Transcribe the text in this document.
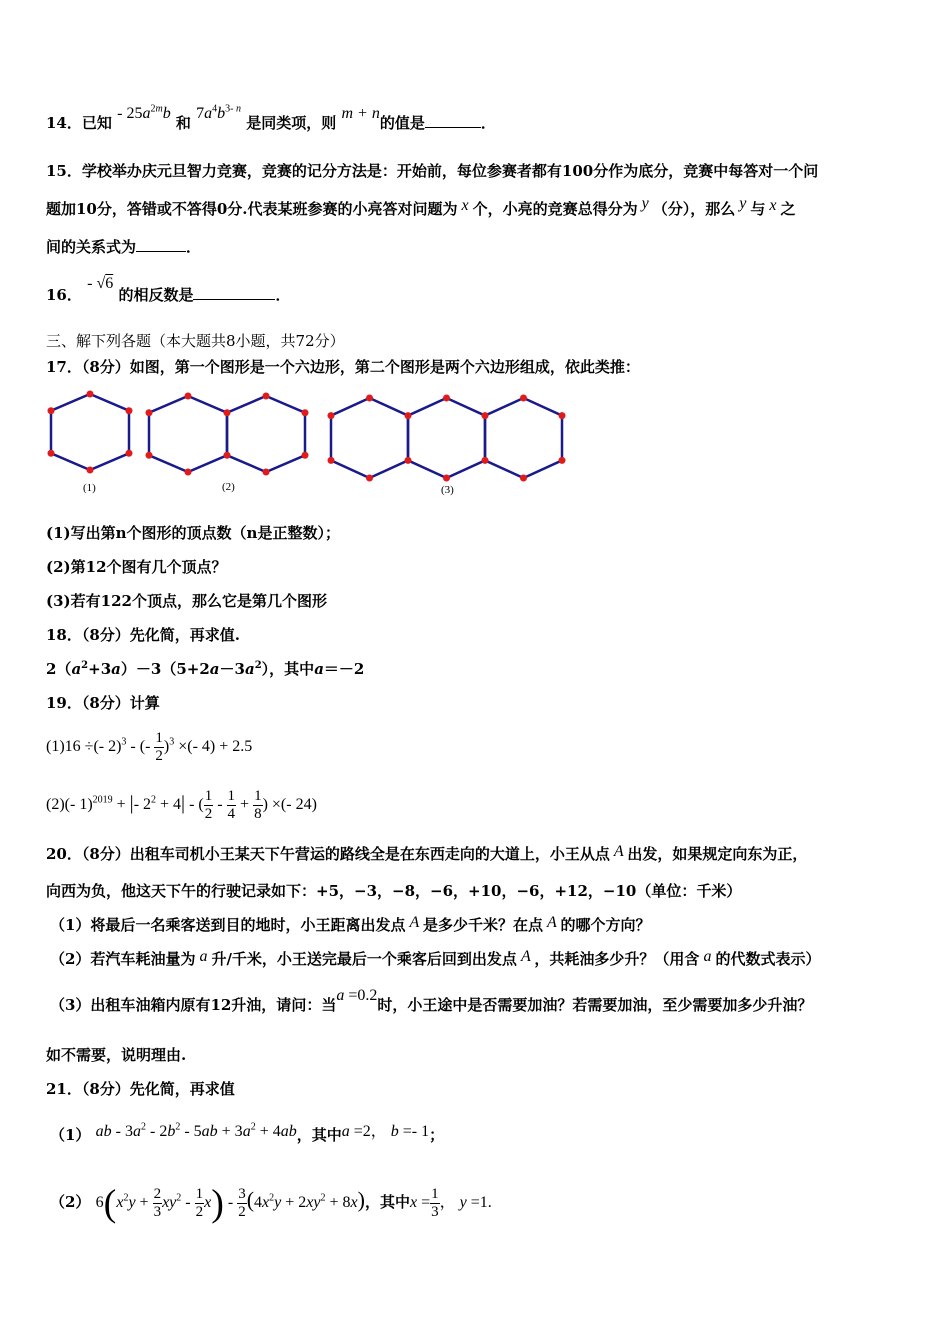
14．已知 - $25a^{2m}b$ 和 $7a^4b^{3- n}$ 是同类项，则 m + n的值是	．
15．学校举办庆元旦智力竞赛，竞赛的记分方法是：开始前，每位参赛者都有100分作为底分，竞赛中每答对一个问
题加10分，答错或不答得0分.代表某班参赛的小亮答对问题为 x 个，小亮的竞赛总得分为 y （分），那么 y 与 x 之
间的关系式为	．
16． - √6 的相反数是	．
三、解下列各题（本大题共8小题，共72分）
17．（8分）如图，第一个图形是一个六边形，第二个图形是两个六边形组成，依此类推：
(1)	(2)	(3)
(1)写出第n个图形的顶点数（n是正整数）；
(2)第12个图有几个顶点？
(3)若有122个顶点，那么它是第几个图形
18．（8分）先化简，再求值.
$2(a^2+3a)-3(5+2a-3a^2)$，其中a＝－2
19．（8分）计算
(1)16 ÷(- 2)$^3$ - (- $\frac{1}{2} )^3$ ×(- 4) + 2.5
(2)(- 1)$^{2019}$ + |- $2^2 + 4|$ - ( $\frac{1}{2} - \frac{1}{4} + \frac{1}{8}$ ) ×(- 24)
20．（8分）出租车司机小王某天下午营运的路线全是在东西走向的大道上，小王从点 A 出发，如果规定向东为正，
向西为负，他这天下午的行驶记录如下：+5，−3，−8，−6，+10，−6，+12，−10（单位：千米）
（1）将最后一名乘客送到目的地时，小王距离出发点 A 是多少千米？在点 A 的哪个方向？
（2）若汽车耗油量为 a 升/千米，小王送完最后一个乘客后回到出发点 A ，共耗油多少升？（用含 a 的代数式表示）
（3）出租车油箱内原有12升油，请问：当a =0.2时，小王途中是否需要加油？若需要加油，至少需要加多少升油？
如不需要，说明理由.
21．（8分）先化简，再求值
（1） ab - $3a^2 - 2b^2 - 5ab + 3a^2 + 4ab$，其中a =2， b =- 1；
（2） $6(x^2y + \frac{2}{3} xy^2 - \frac{1}{2} x) - \frac{3}{2} (4x^2y + 2xy^2 + 8x)$，其中$x = \frac{1}{3}$ ， y =1.
